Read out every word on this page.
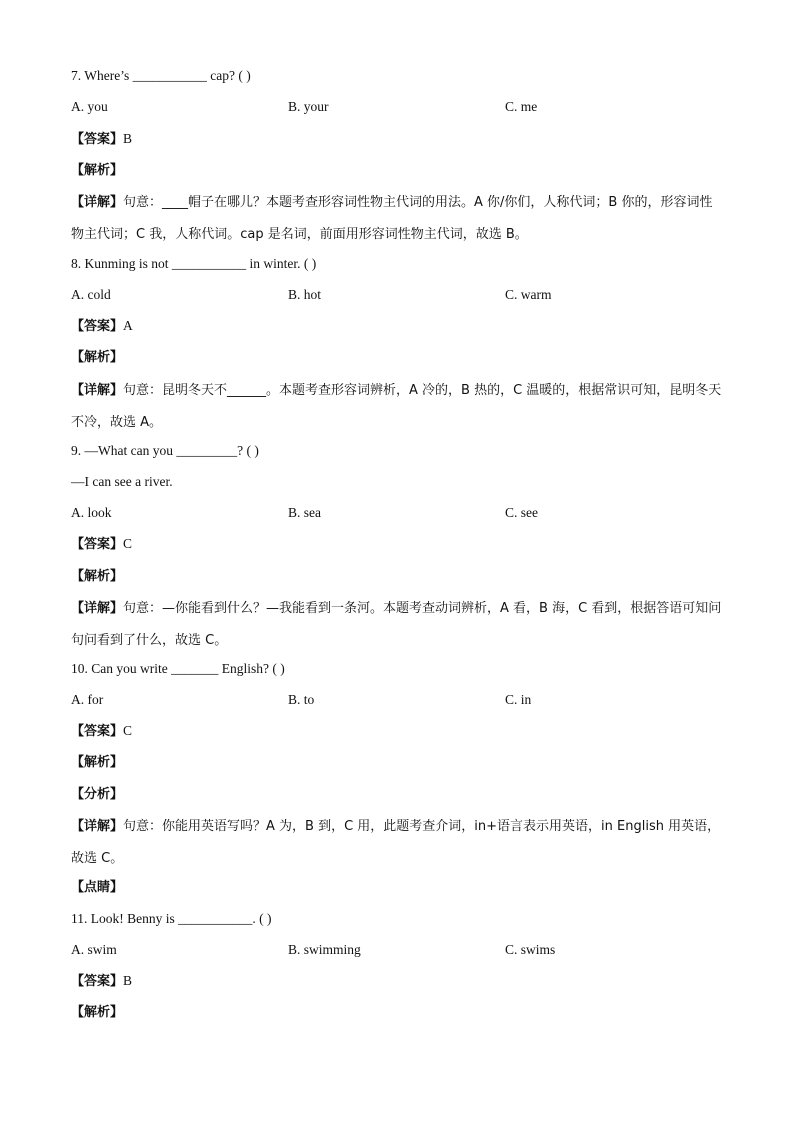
7. Where’s ___________ cap? ( )
A. you	B. your	C. me
【答案】B
【解析】
【详解】句意：____帽子在哪儿？本题考查形容词性物主代词的用法。A 你/你们，人称代词；B 你的，形容词性物主代词；C 我，人称代词。cap 是名词，前面用形容词性物主代词，故选 B。
8. Kunming is not ___________ in winter. ( )
A. cold	B. hot	C. warm
【答案】A
【解析】
【详解】句意：昆明冬天不______。本题考查形容词辨析，A 冷的，B 热的，C 温暖的，根据常识可知，昆明冬天不冷，故选 A。
9. —What can you _________? ( )
—I can see a river.
A. look	B. sea	C. see
【答案】C
【解析】
【详解】句意：—你能看到什么？—我能看到一条河。本题考查动词辨析，A 看，B 海，C 看到，根据答语可知问句问看到了什么，故选 C。
10. Can you write _______ English? ( )
A. for	B. to	C. in
【答案】C
【解析】
【分析】
【详解】句意：你能用英语写吗？A 为，B 到，C 用，此题考查介词，in+语言表示用英语，in English 用英语，故选 C。
【点睛】
11. Look! Benny is ___________. ( )
A. swim	B. swimming	C. swims
【答案】B
【解析】
